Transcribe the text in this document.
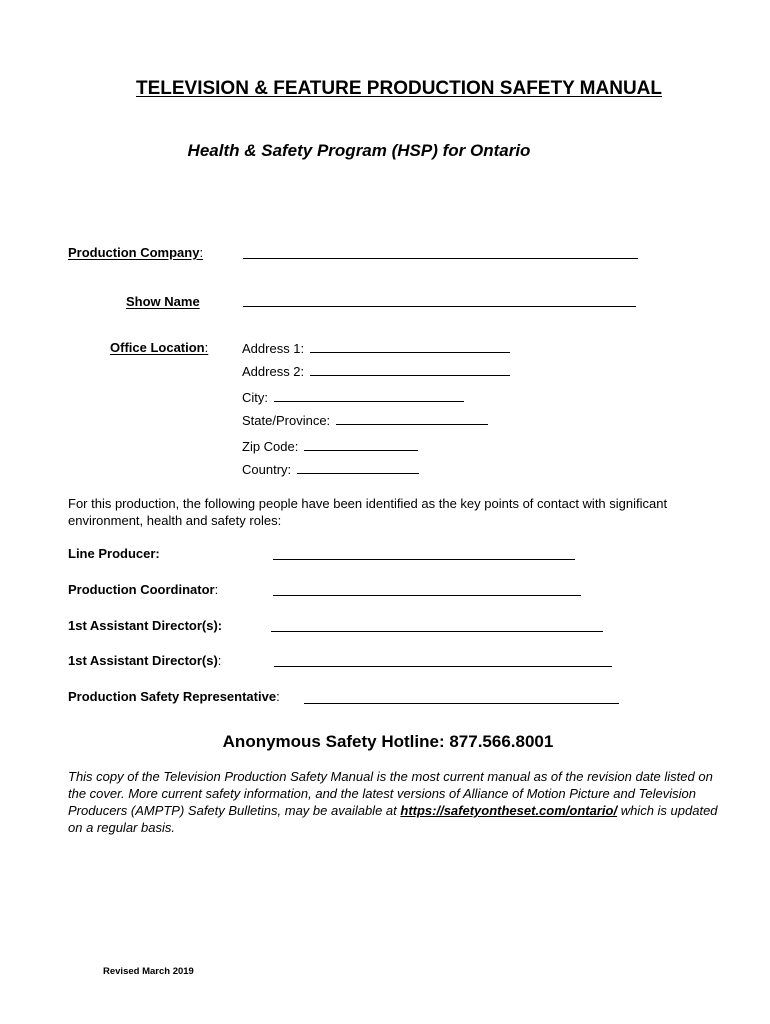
TELEVISION & FEATURE PRODUCTION SAFETY MANUAL
Health & Safety Program (HSP) for Ontario
Production Company:
Show Name
Office Location:	Address 1:
Address 2:
City:
State/Province:
Zip Code:
Country:
For this production, the following people have been identified as the key points of contact with significant environment, health and safety roles:
Line Producer:
Production Coordinator:
1st Assistant Director(s):
1st Assistant Director(s):
Production Safety Representative:
Anonymous Safety Hotline: 877.566.8001
This copy of the Television Production Safety Manual is the most current manual as of the revision date listed on the cover. More current safety information, and the latest versions of Alliance of Motion Picture and Television Producers (AMPTP) Safety Bulletins, may be available at https://safetyontheset.com/ontario/ which is updated on a regular basis.
Revised March 2019
